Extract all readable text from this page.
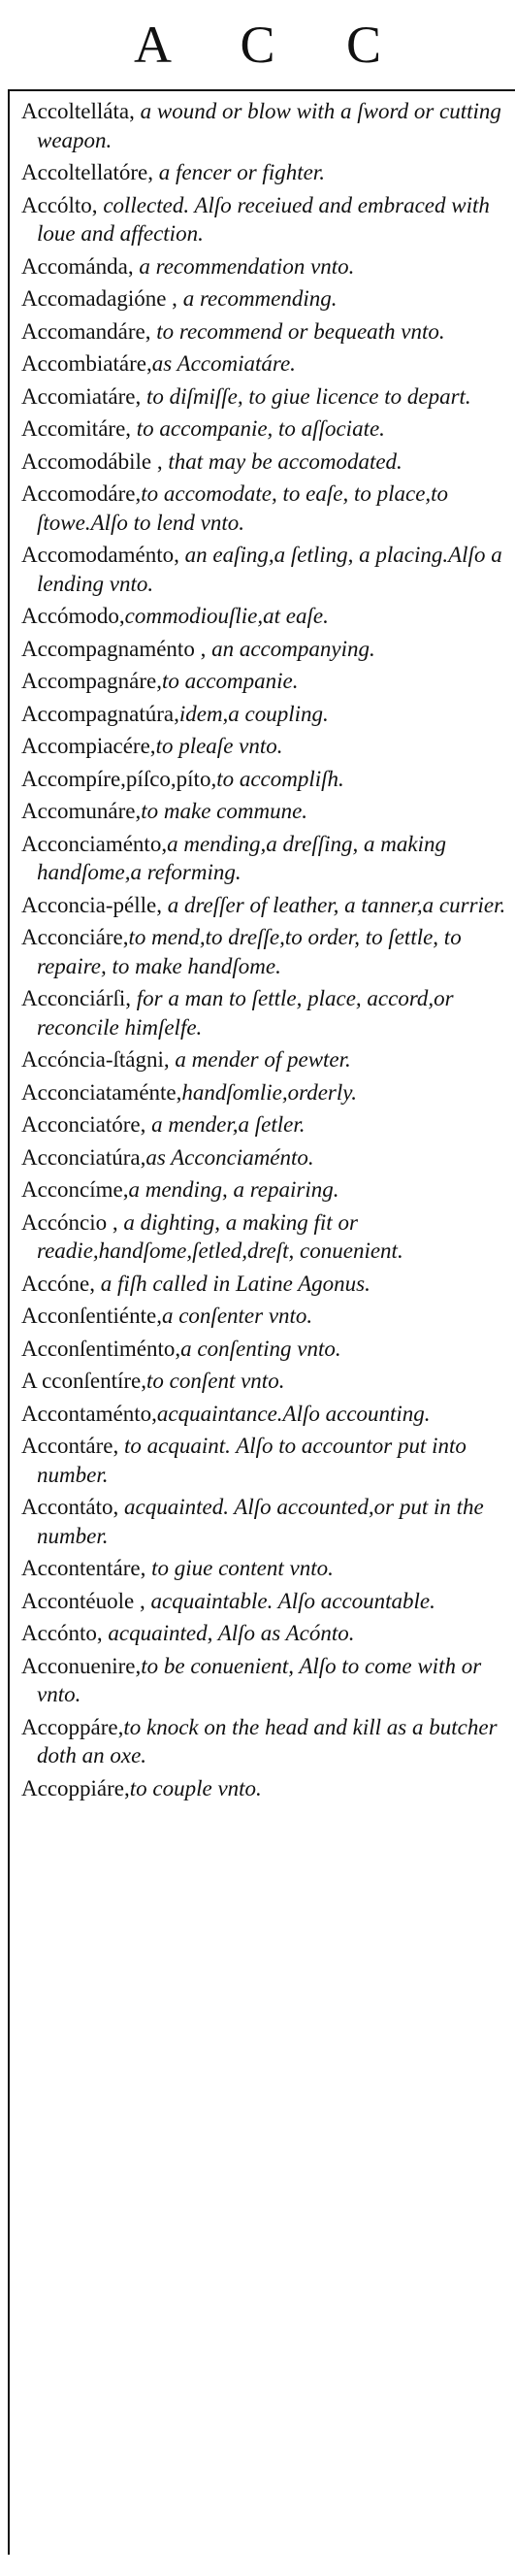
A C C

Accoltelláta, a wound or blow with a ſword or cutting weapon.

Accoltellatóre, a fencer or fighter.

Accólto, collected. Alſo receiued and embraced with loue and affection.

Accománda, a recommendation vnto.

Accomadagióne , a recommending.

Accomandáre, to recommend or bequeath vnto.

Accombiatáre,as Accomiatáre.

Accomiatáre, to diſmiſſe, to giue licence to depart.

Accomitáre, to accompanie, to aſſociate.

Accomodábile , that may be accomodated.

Accomodáre,to accomodate, to eaſe, to place,to ſtowe.Alſo to lend vnto.

Accomodaménto, an eaſing,a ſetling, a placing.Alſo a lending vnto.

Accómodo,commodiouſlie,at eaſe.

Accompagnaménto , an accompanying.

Accompagnáre,to accompanie.

Accompagnatúra,idem,a coupling.

Accompiacére,to pleaſe vnto.

Accompíre,píſco,píto,to accompliſh.

Accomunáre,to make commune.

Acconciaménto,a mending,a dreſſing, a making handſome,a reforming.

Acconcia-pélle, a dreſſer of leather, a tanner,a currier.

Acconciáre,to mend,to dreſſe,to order, to ſettle, to repaire, to make handſome.

Acconciárſi, for a man to ſettle, place, accord,or reconcile himſelfe.

Accóncia-ſtágni, a mender of pewter.

Acconciataménte,handſomlie,orderly.

Acconciatóre, a mender,a ſetler.

Acconciatúra,as Acconciaménto.

Acconcíme,a mending, a repairing.

Accóncio , a dighting, a making fit or readie,handſome,ſetled,dreſt, conuenient.

Accóne, a fiſh called in Latine Agonus.

Acconſentiénte,a conſenter vnto.

Acconſentiménto,a conſenting vnto.

A cconſentíre,to conſent vnto.

Accontaménto,acquaintance.Alſo accounting.

Accontáre, to acquaint. Alſo to accountor put into number.

Accontáto, acquainted. Alſo accounted,or put in the number.

Accontentáre, to giue content vnto.

Accontéuole , acquaintable. Alſo accountable.

Accónto, acquainted, Alſo as Acónto.

Acconuenire,to be conuenient, Alſo to come with or vnto.

Accoppáre,to knock on the head and kill as a butcher doth an oxe.

Accoppiáre,to couple vnto.
